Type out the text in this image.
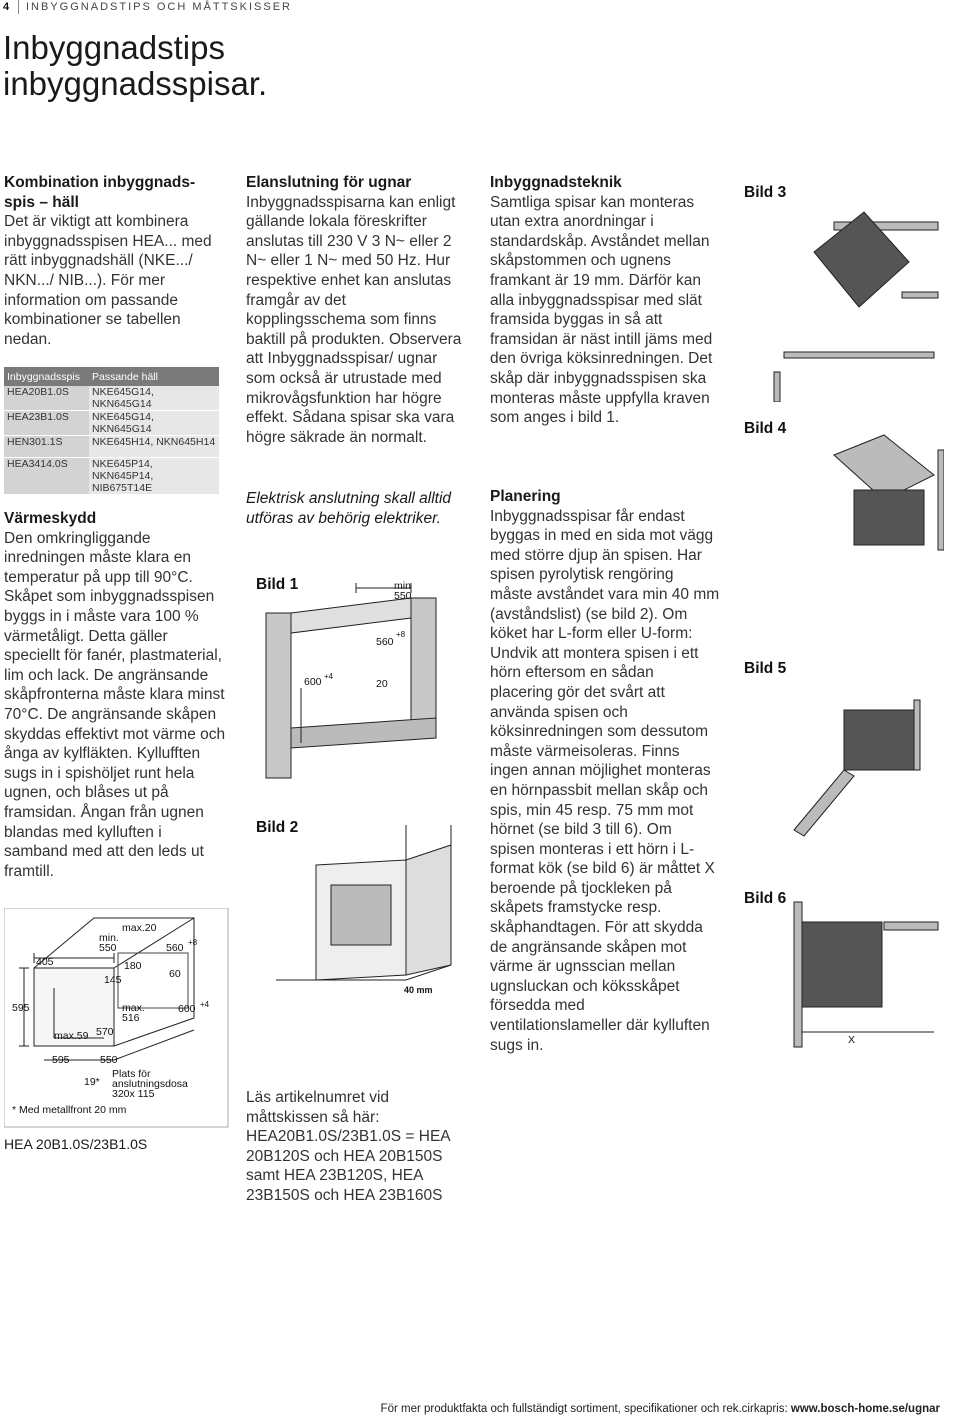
4 INBYGGNADSTIPS OCH MÅTTSKISSER
Inbyggnadstips
inbyggnadsspisar.
Kombination inbyggnads-
spis – häll

Det är viktigt att kombinera inbyggnadsspisen HEA... med rätt inbyggnadshäll (NKE.../ NKN.../ NIB...). För mer information om passande kombinationer se tabellen nedan.

Inbyggnadsspis	Passande häll
HEA20B1.0S	NKE645G14, NKN645G14
HEA23B1.0S	NKE645G14, NKN645G14
HEN301.1S	NKE645H14, NKN645H14
HEA3414.0S	NKE645P14, NKN645P14, NIB675T14E
Värmeskydd

Den omkringliggande inredningen måste klara en temperatur på upp till 90°C. Skåpet som inbyggnadsspisen byggs in i måste vara 100 % värmetåligt. Detta gäller speciellt för fanér, plastmaterial, lim och lack. De angränsande skåpfronterna måste klara minst 70°C. De angränsande skåpen skyddas effektivt mot värme och ånga av kylfläkten. Kyllufften sugs in i spishöljet runt hela ugnen, och blåses ut på framsidan. Ångan från ugnen blandas med kylluften i samband med att den leds ut framtill.

max.20
min.
550	560 +8
405	180
60
145
595	600 +4
max.
516
max.59 570
595	550
19*
Plats för
anslutningsdosa
320x 115
* Med metallfront 20 mm
HEA 20B1.0S/23B1.0S
Elanslutning för ugnar

Inbyggnadsspisarna kan enligt gällande lokala föreskrifter anslutas till 230 V 3 N~ eller 2 N~ eller 1 N~ med 50 Hz. Hur respektive enhet kan anslutas framgår av det kopplingsschema som finns baktill på produkten. Observera att Inbyggnadsspisar/ ugnar som också är utrustade med mikrovågsfunktion har högre effekt. Sådana spisar ska vara högre säkrade än normalt.

Elektrisk anslutning skall alltid utföras av behörig elektriker.
Bild 1	min
550
560
+8
600 +4
20
Bild 2
40 mm

Läs artikelnumret vid måttskissen så här: HEA20B1.0S/23B1.0S = HEA 20B120S och HEA 20B150S samt HEA 23B120S, HEA 23B150S och HEA 23B160S

Inbyggnadsteknik

Samtliga spisar kan monteras utan extra anordningar i standardskåp. Avståndet mellan skåpstommen och ugnens framkant är 19 mm. Därför kan alla inbyggnadsspisar med slät framsida byggas in så att framsidan är näst intill jäms med den övriga köksinredningen. Det skåp där inbyggnadsspisen ska monteras måste uppfylla kraven som anges i bild 1.

Planering

Inbyggnadsspisar får endast byggas in med en sida mot vägg med större djup än spisen. Har spisen pyrolytisk rengöring måste avståndet vara min 40 mm (avståndslist) (se bild 2). Om köket har L-form eller U-form: Undvik att montera spisen i ett hörn eftersom en sådan placering gör det svårt att använda spisen och köksinredningen som dessutom måste värmeisoleras. Finns ingen annan möjlighet monteras en hörnpassbit mellan skåp och spis, min 45 resp. 75 mm mot hörnet (se bild 3 till 6). Om spisen monteras i ett hörn i L-format kök (se bild 6) är måttet X beroende på tjockleken på skåpets framstycke resp. skåphandtagen. För att skydda de angränsande skåpen mot värme är ugnsscian mellan ugnsluckan och köksskåpet försedda med ventilationslameller där kylluften sugs in.

Bild 3
Bild 4
Bild 5
Bild 6
X
För mer produktfakta och fullständigt sortiment, specifikationer och rek.cirkapris: www.bosch-home.se/ugnar
